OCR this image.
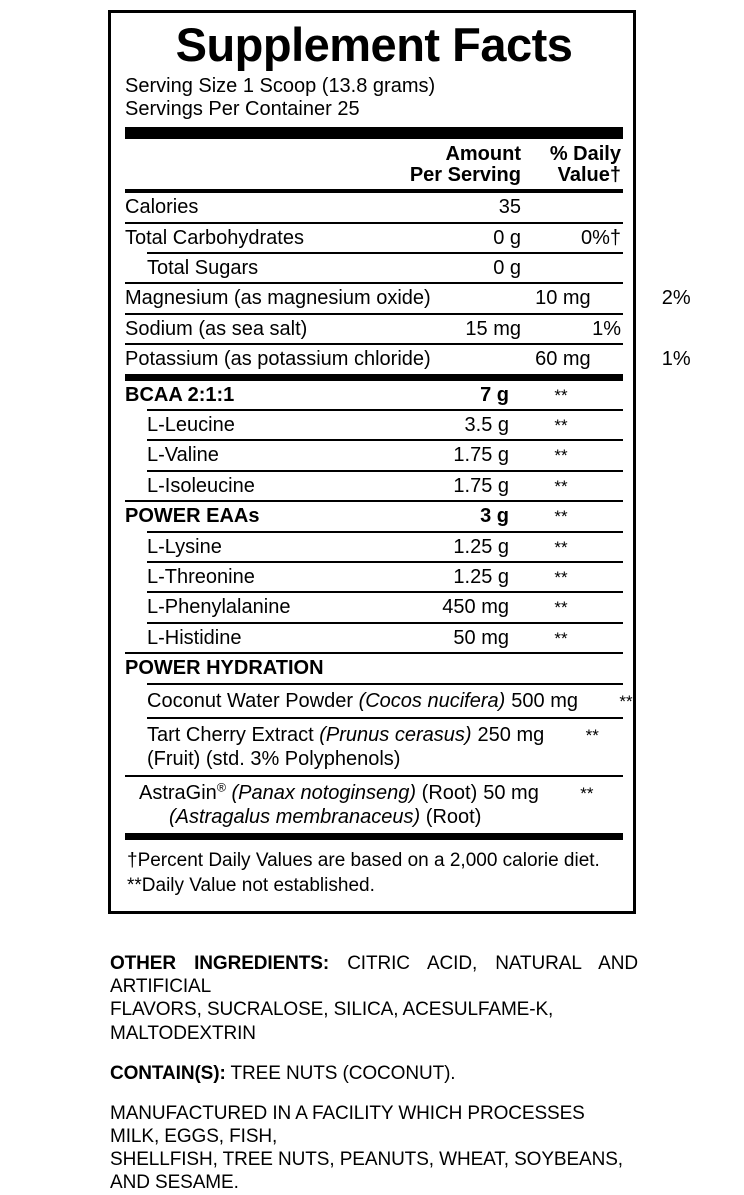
Supplement Facts
Serving Size 1 Scoop (13.8 grams)
Servings Per Container 25
Amount
Per Serving
% Daily
Value†
Calories	35
Total Carbohydrates	0 g	0%†
Total Sugars	0 g
Magnesium (as magnesium oxide)	10 mg	2%
Sodium (as sea salt)	15 mg	1%
Potassium (as potassium chloride)	60 mg	1%
BCAA 2:1:1	7 g	**
L-Leucine	3.5 g	**
L-Valine	1.75 g	**
L-Isoleucine	1.75 g	**
POWER EAAs	3 g	**
L-Lysine	1.25 g	**
L-Threonine	1.25 g	**
L-Phenylalanine	450 mg	**
L-Histidine	50 mg	**
POWER HYDRATION
Coconut Water Powder (Cocos nucifera) 500 mg	**
Tart Cherry Extract (Prunus cerasus) 250 mg	**
(Fruit) (std. 3% Polyphenols)
AstraGin® (Panax notoginseng) (Root) 50 mg	**
(Astragalus membranaceus) (Root)
†Percent Daily Values are based on a 2,000 calorie diet.
**Daily Value not established.
OTHER INGREDIENTS: CITRIC ACID, NATURAL AND ARTIFICIAL
FLAVORS, SUCRALOSE, SILICA, ACESULFAME-K, MALTODEXTRIN
CONTAIN(S): TREE NUTS (COCONUT).
MANUFACTURED IN A FACILITY WHICH PROCESSES MILK, EGGS, FISH,
SHELLFISH, TREE NUTS, PEANUTS, WHEAT, SOYBEANS, AND SESAME.
